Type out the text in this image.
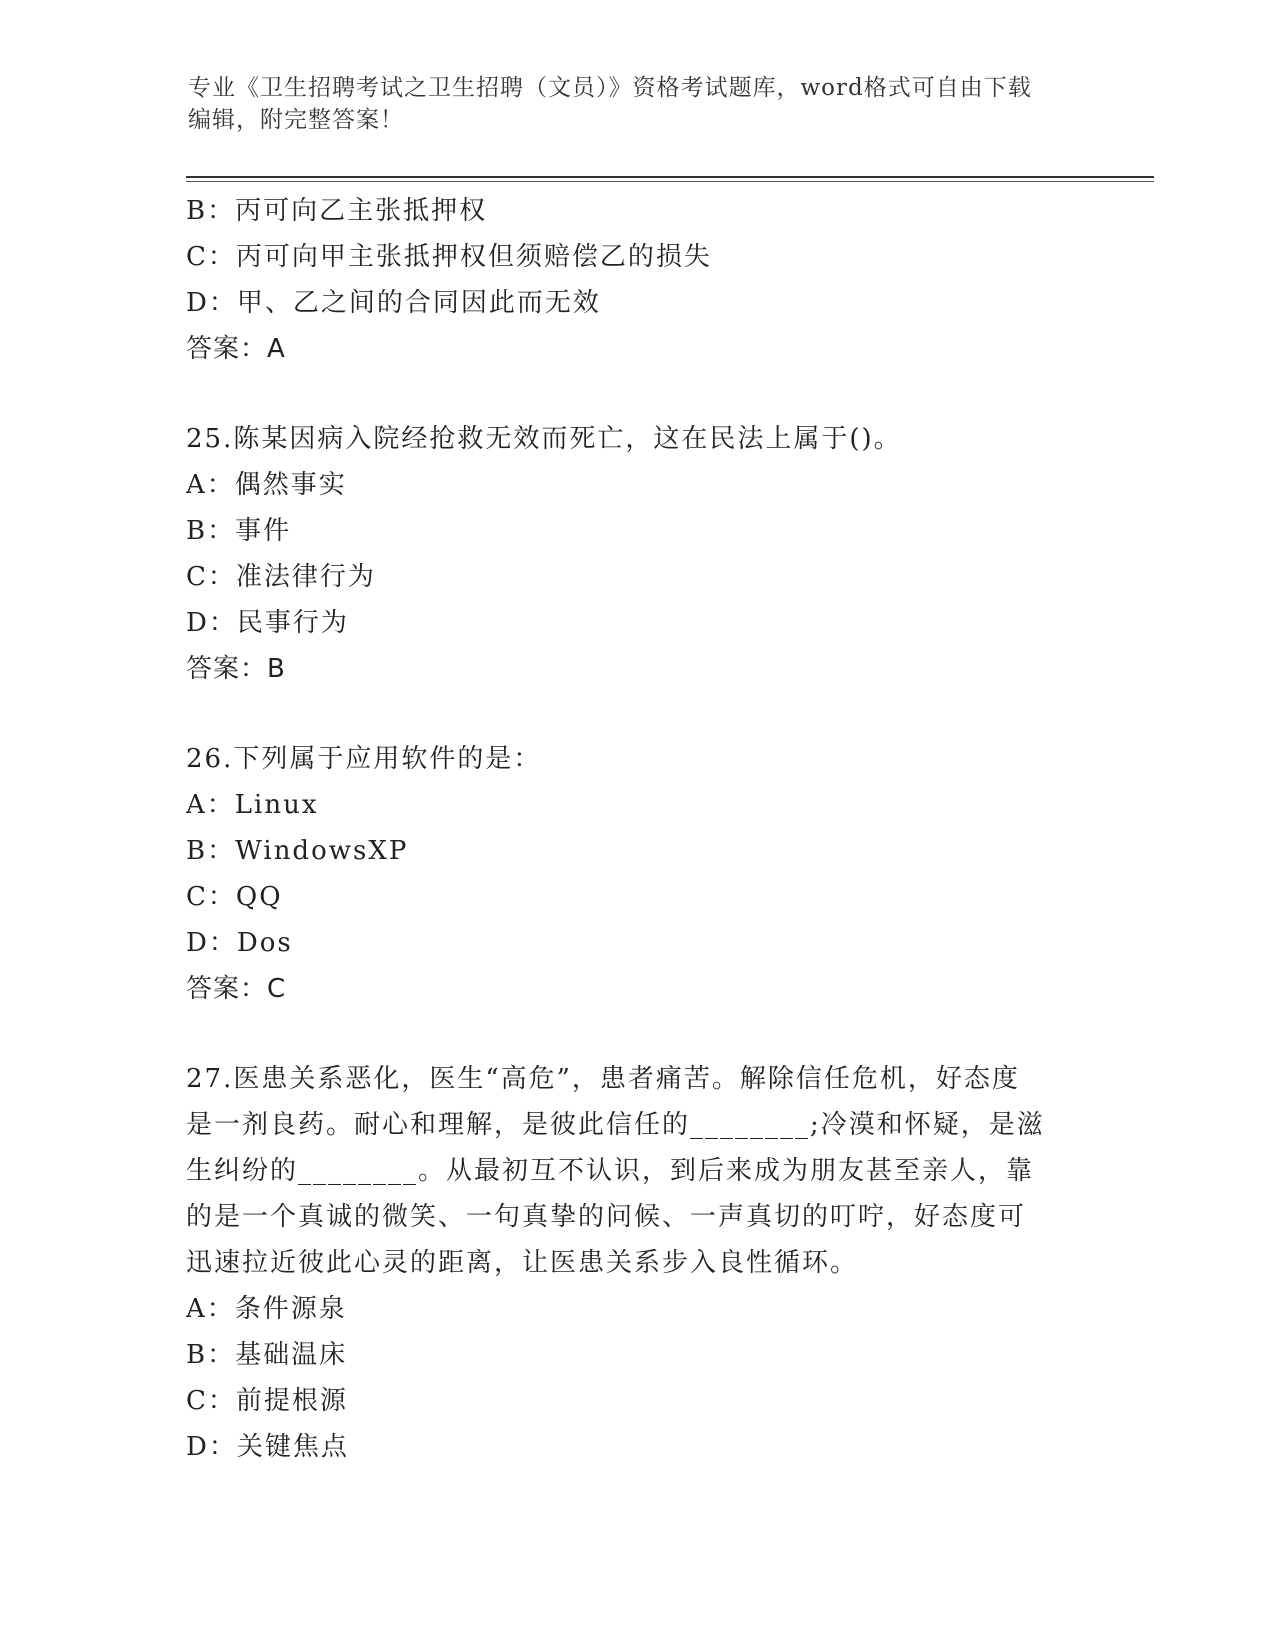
专业《卫生招聘考试之卫生招聘（文员）》资格考试题库，word格式可自由下载
编辑，附完整答案！
B：丙可向乙主张抵押权
C：丙可向甲主张抵押权但须赔偿乙的损失
D：甲、乙之间的合同因此而无效
答案：A
25.陈某因病入院经抢救无效而死亡，这在民法上属于()。
A：偶然事实
B：事件
C：准法律行为
D：民事行为
答案：B
26.下列属于应用软件的是：
A：Linux
B：WindowsXP
C：QQ
D：Dos
答案：C
27.医患关系恶化，医生“高危”，患者痛苦。解除信任危机，好态度
是一剂良药。耐心和理解，是彼此信任的________;冷漠和怀疑，是滋
生纠纷的________。从最初互不认识，到后来成为朋友甚至亲人，靠
的是一个真诚的微笑、一句真挚的问候、一声真切的叮咛，好态度可
迅速拉近彼此心灵的距离，让医患关系步入良性循环。
A：条件源泉
B：基础温床
C：前提根源
D：关键焦点
